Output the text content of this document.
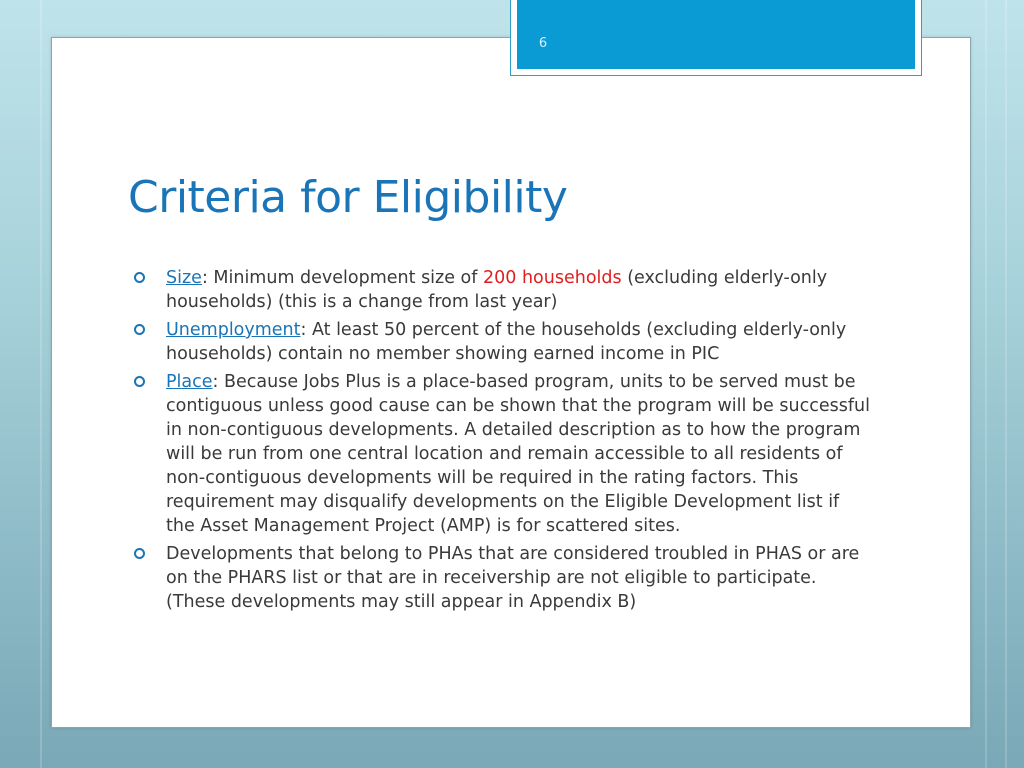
6
Criteria for Eligibility
Size: Minimum development size of 200 households (excluding elderly-only households) (this is a change from last year)
Unemployment: At least 50 percent of the households (excluding elderly-only households) contain no member showing earned income in PIC
Place: Because Jobs Plus is a place-based program, units to be served must be contiguous unless good cause can be shown that the program will be successful in non-contiguous developments. A detailed description as to how the program will be run from one central location and remain accessible to all residents of non-contiguous developments will be required in the rating factors. This requirement may disqualify developments on the Eligible Development list if the Asset Management Project (AMP) is for scattered sites.
Developments that belong to PHAs that are considered troubled in PHAS or are on the PHARS list or that are in receivership are not eligible to participate. (These developments may still appear in Appendix B)
